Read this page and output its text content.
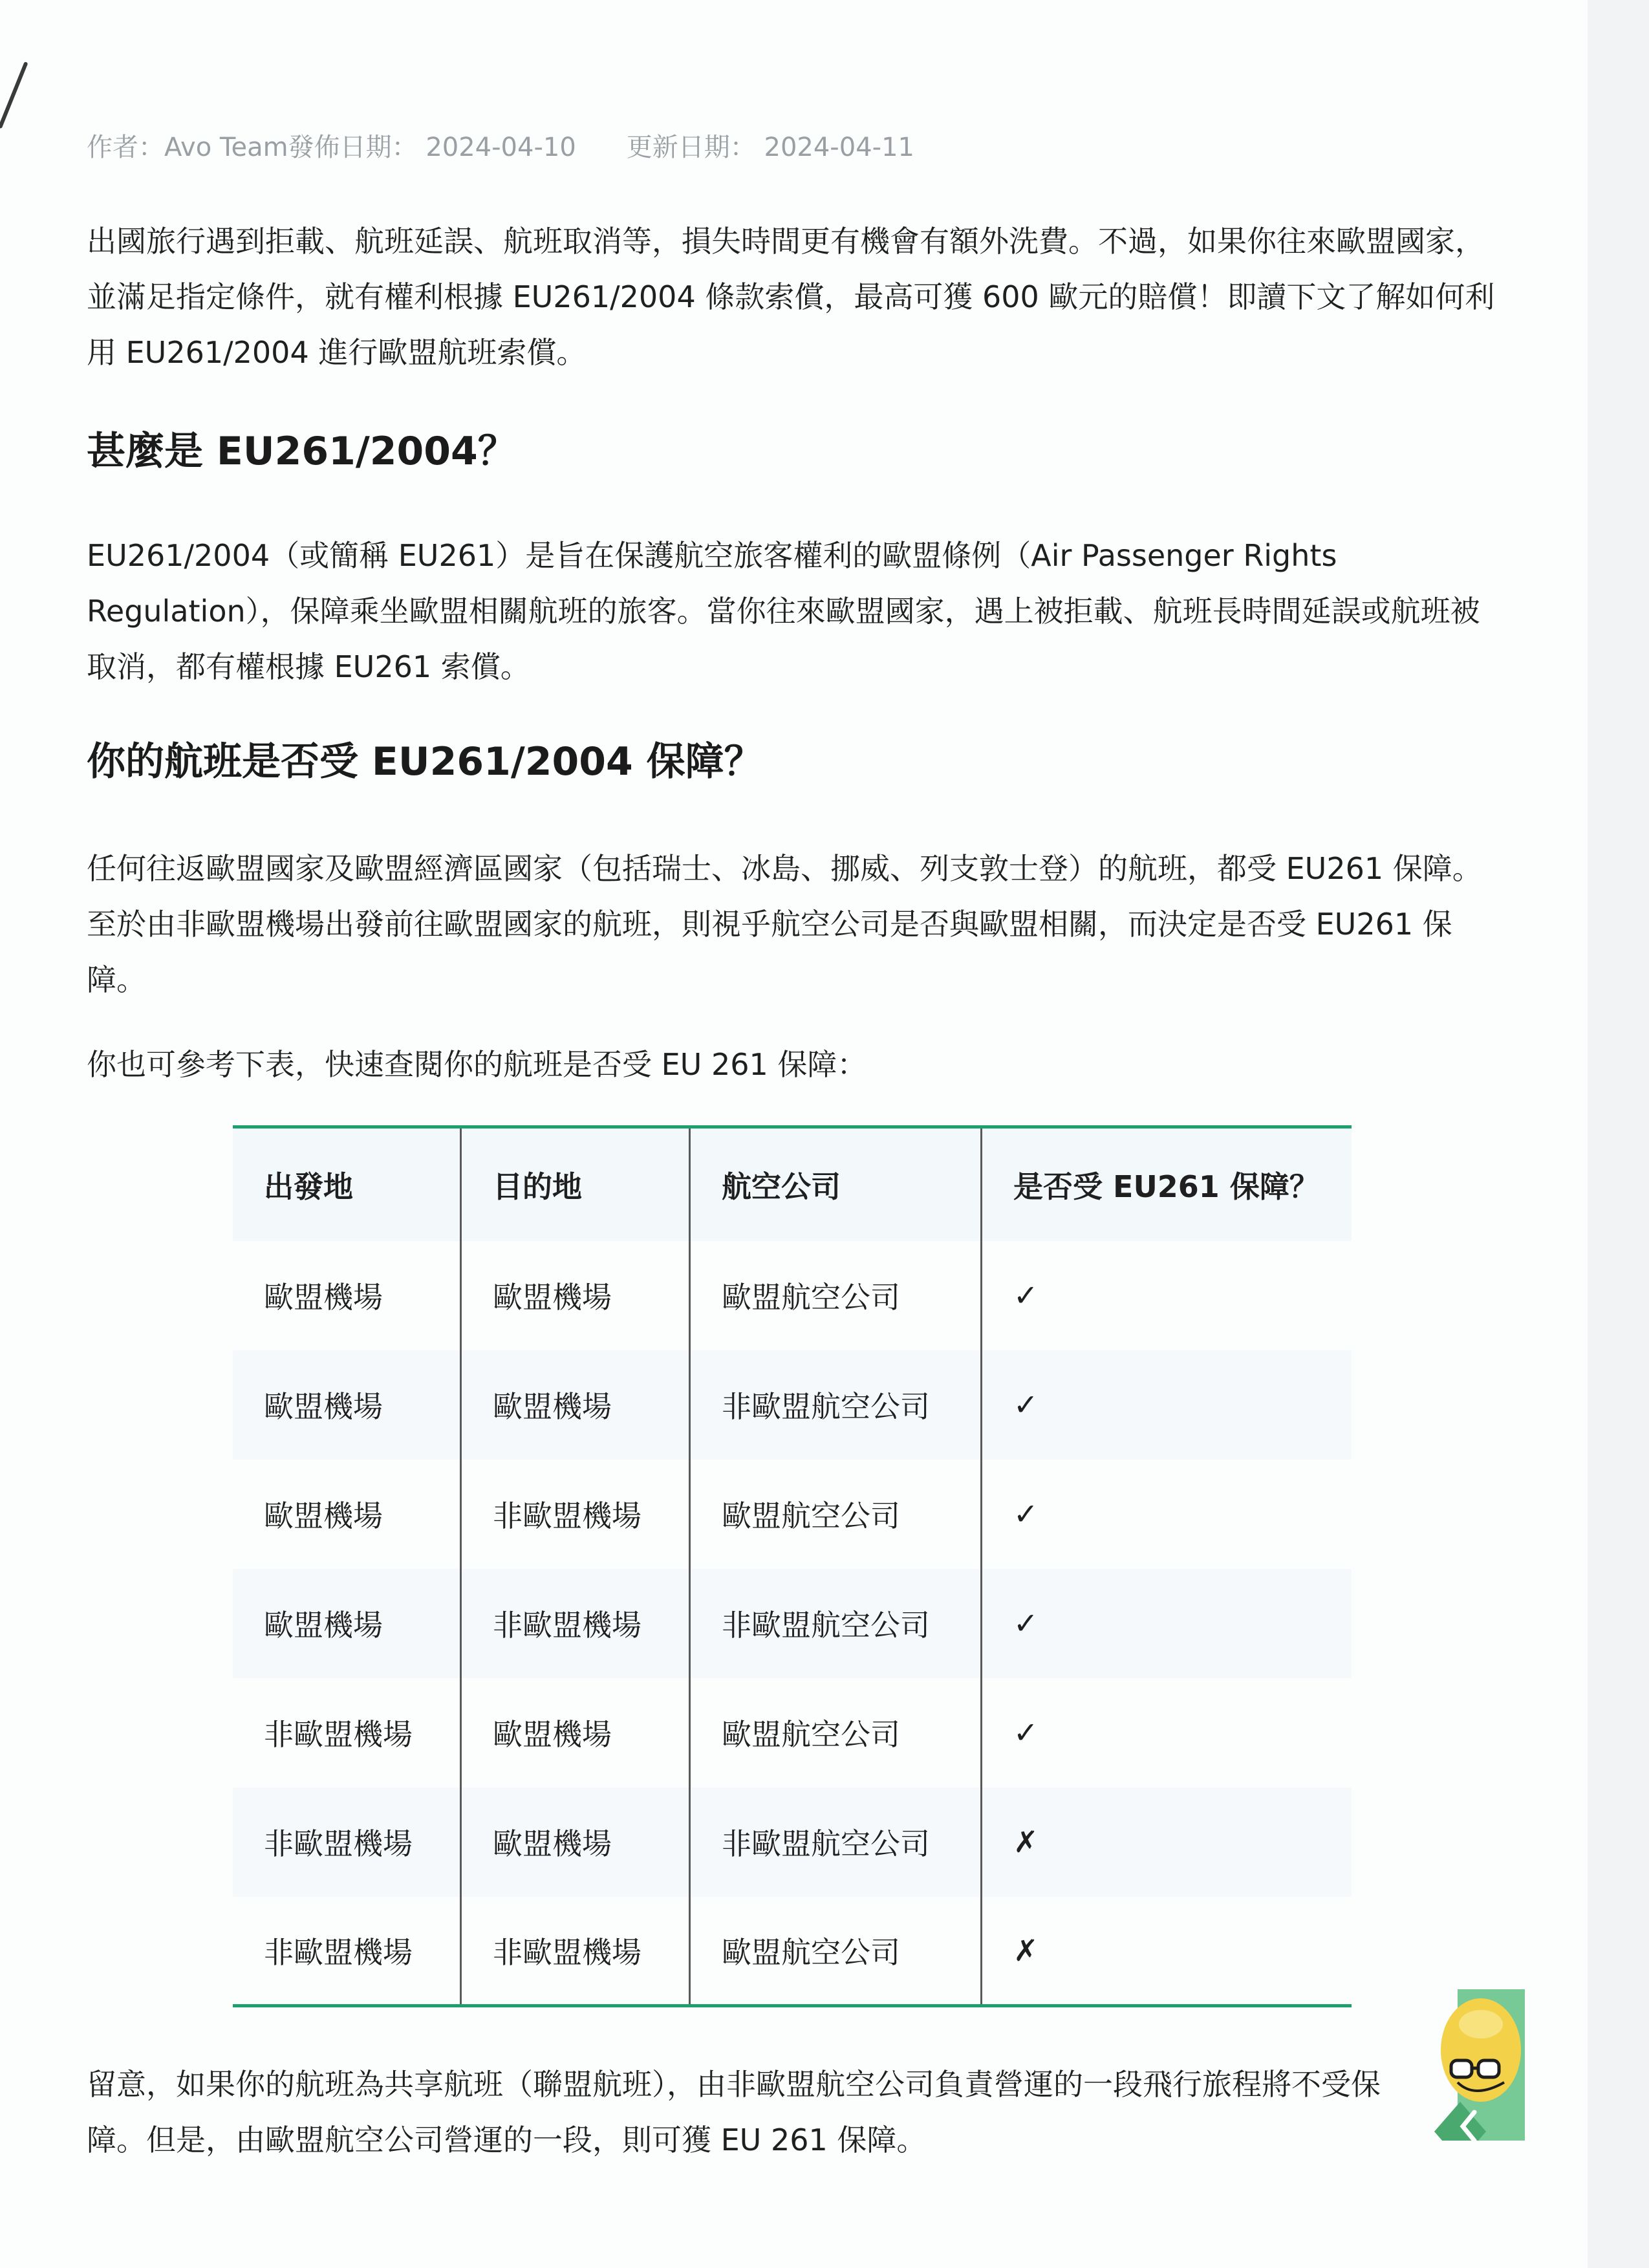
作者：Avo Team發佈日期： 2024-04-10 更新日期： 2024-04-11

出國旅行遇到拒載、航班延誤、航班取消等，損失時間更有機會有額外洗費。不過，如果你往來歐盟國家，並滿足指定條件，就有權利根據 EU261/2004 條款索償，最高可獲 600 歐元的賠償！即讀下文了解如何利用 EU261/2004 進行歐盟航班索償。

甚麼是 EU261/2004？

EU261/2004（或簡稱 EU261）是旨在保護航空旅客權利的歐盟條例（Air Passenger Rights Regulation），保障乘坐歐盟相關航班的旅客。當你往來歐盟國家，遇上被拒載、航班長時間延誤或航班被取消，都有權根據 EU261 索償。

你的航班是否受 EU261/2004 保障？

任何往返歐盟國家及歐盟經濟區國家（包括瑞士、冰島、挪威、列支敦士登）的航班，都受 EU261 保障。至於由非歐盟機場出發前往歐盟國家的航班，則視乎航空公司是否與歐盟相關，而決定是否受 EU261 保障。

你也可參考下表，快速查閱你的航班是否受 EU 261 保障：

出發地	目的地	航空公司	是否受 EU261 保障？
歐盟機場	歐盟機場	歐盟航空公司	✓
歐盟機場	歐盟機場	非歐盟航空公司	✓
歐盟機場	非歐盟機場	歐盟航空公司	✓
歐盟機場	非歐盟機場	非歐盟航空公司	✓
非歐盟機場	歐盟機場	歐盟航空公司	✓
非歐盟機場	歐盟機場	非歐盟航空公司	✗
非歐盟機場	非歐盟機場	歐盟航空公司	✗

留意，如果你的航班為共享航班（聯盟航班），由非歐盟航空公司負責營運的一段飛行旅程將不受保障。但是，由歐盟航空公司營運的一段，則可獲 EU 261 保障。
